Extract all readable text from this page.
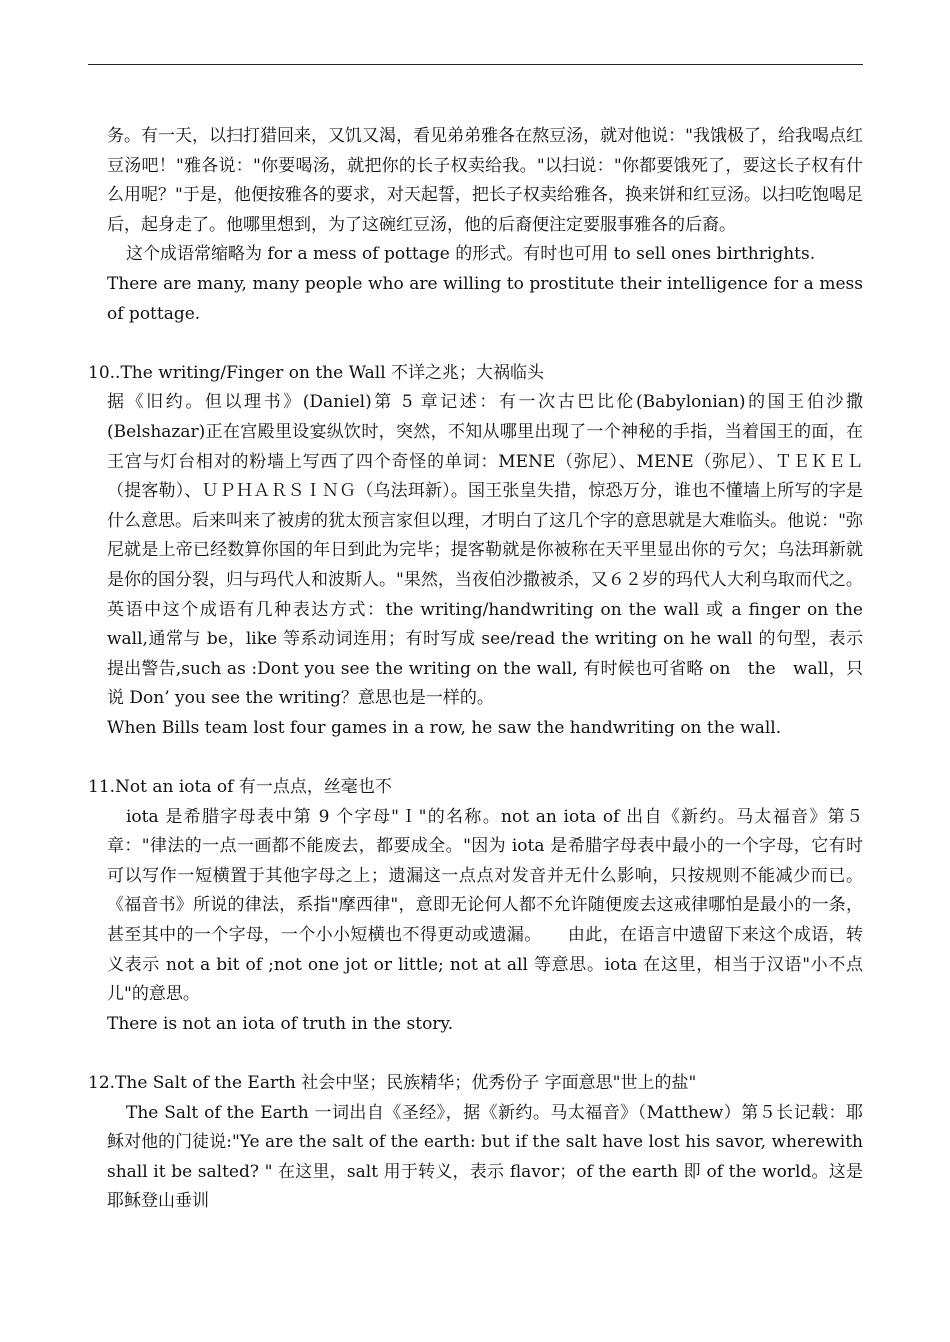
务。有一天，以扫打猎回来，又饥又渴，看见弟弟雅各在熬豆汤，就对他说："我饿极了，给我喝点红豆汤吧！"雅各说："你要喝汤，就把你的长子权卖给我。"以扫说："你都要饿死了，要这长子权有什么用呢？"于是，他便按雅各的要求，对天起誓，把长子权卖给雅各，换来饼和红豆汤。以扫吃饱喝足后，起身走了。他哪里想到，为了这碗红豆汤，他的后裔便注定要服事雅各的后裔。

这个成语常缩略为 for a mess of pottage 的形式。有时也可用 to sell ones birthrights.

There are many, many people who are willing to prostitute their intelligence for a mess of pottage.

10..The writing/Finger on the Wall 不详之兆；大祸临头

据《旧约。但以理书》(Daniel)第 5 章记述：有一次古巴比伦(Babylonian)的国王伯沙撒(Belshazar)正在宫殿里设宴纵饮时，突然，不知从哪里出现了一个神秘的手指，当着国王的面，在王宫与灯台相对的粉墙上写西了四个奇怪的单词：MENE（弥尼）、MENE（弥尼）、ＴＥＫＥＬ（提客勒）、ＵＰＨＡＲＳＩＮＧ（乌法珥新）。国王张皇失措，惊恐万分，谁也不懂墙上所写的字是什么意思。后来叫来了被虏的犹太预言家但以理，才明白了这几个字的意思就是大难临头。他说："弥尼就是上帝已经数算你国的年日到此为完毕；提客勒就是你被称在天平里显出你的亏欠；乌法珥新就是你的国分裂，归与玛代人和波斯人。"果然，当夜伯沙撒被杀，又６２岁的玛代人大利乌取而代之。

英语中这个成语有几种表达方式：the writing/handwriting on the wall 或 a finger on the wall,通常与 be，like 等系动词连用；有时写成 see/read the writing on he wall 的句型，表示提出警告,such as :Dont you see the writing on the wall, 有时候也可省略 on　the　wall，只说 Don’ you see the writing？意思也是一样的。

When Bills team lost four games in a row, he saw the handwriting on the wall.

11.Not an iota of 有一点点，丝毫也不

iota 是希腊字母表中第 9 个字母"Ｉ"的名称。not an iota of 出自《新约。马太福音》第５章："律法的一点一画都不能废去，都要成全。"因为 iota 是希腊字母表中最小的一个字母，它有时可以写作一短横置于其他字母之上；遗漏这一点点对发音并无什么影响，只按规则不能减少而已。《福音书》所说的律法，系指"摩西律"，意即无论何人都不允许随便废去这戒律哪怕是最小的一条，甚至其中的一个字母，一个小小短横也不得更动或遗漏。　　由此，在语言中遗留下来这个成语，转义表示 not a bit of ;not one jot or little; not at all 等意思。iota 在这里，相当于汉语"小不点儿"的意思。

There is not an iota of truth in the story.

12.The Salt of the Earth 社会中坚；民族精华；优秀份子 字面意思"世上的盐"

The Salt of the Earth 一词出自《圣经》，据《新约。马太福音》（Matthew）第５长记载：耶稣对他的门徒说:"Ye are the salt of the earth: but if the salt have lost his savor, wherewith shall it be salted? " 在这里，salt 用于转义，表示 flavor；of the earth 即 of the world。这是耶稣登山垂训
